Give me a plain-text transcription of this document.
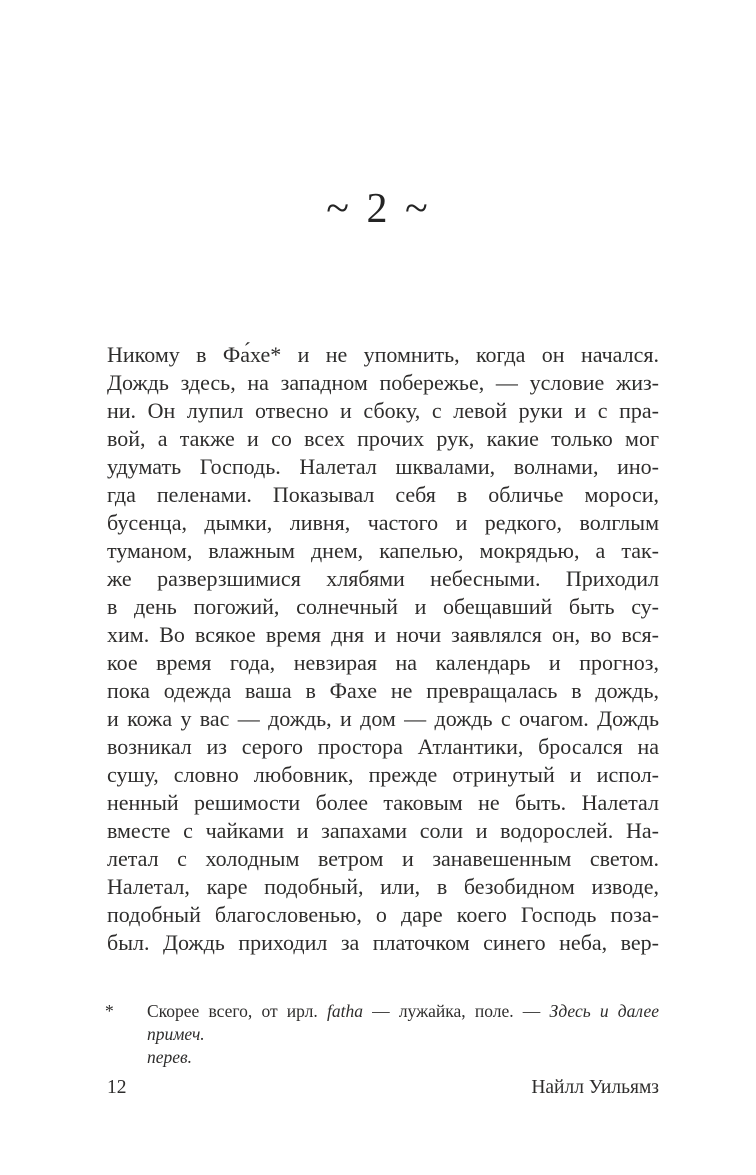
~ 2 ~
Никому в Фа́хе* и не упомнить, когда он начался.
Дождь здесь, на западном побережье, — условие жиз-
ни. Он лупил отвесно и сбоку, с левой руки и с пра-
вой, а также и со всех прочих рук, какие только мог
удумать Господь. Налетал шквалами, волнами, ино-
гда пеленами. Показывал себя в обличье мороси,
бусенца, дымки, ливня, частого и редкого, волглым
туманом, влажным днем, капелью, мокрядью, а так-
же разверзшимися хлябями небесными. Приходил
в день погожий, солнечный и обещавший быть су-
хим. Во всякое время дня и ночи заявлялся он, во вся-
кое время года, невзирая на календарь и прогноз,
пока одежда ваша в Фахе не превращалась в дождь,
и кожа у вас — дождь, и дом — дождь с очагом. Дождь
возникал из серого простора Атлантики, бросался на
сушу, словно любовник, прежде отринутый и испол-
ненный решимости более таковым не быть. Налетал
вместе с чайками и запахами соли и водорослей. На-
летал с холодным ветром и занавешенным светом.
Налетал, каре подобный, или, в безобидном изводе,
подобный благословенью, о даре коего Господь поза-
был. Дождь приходил за платочком синего неба, вер-
* Скорее всего, от ирл. fatha — лужайка, поле. — Здесь и далее примеч.
перев.
12	Найлл Уильямз
